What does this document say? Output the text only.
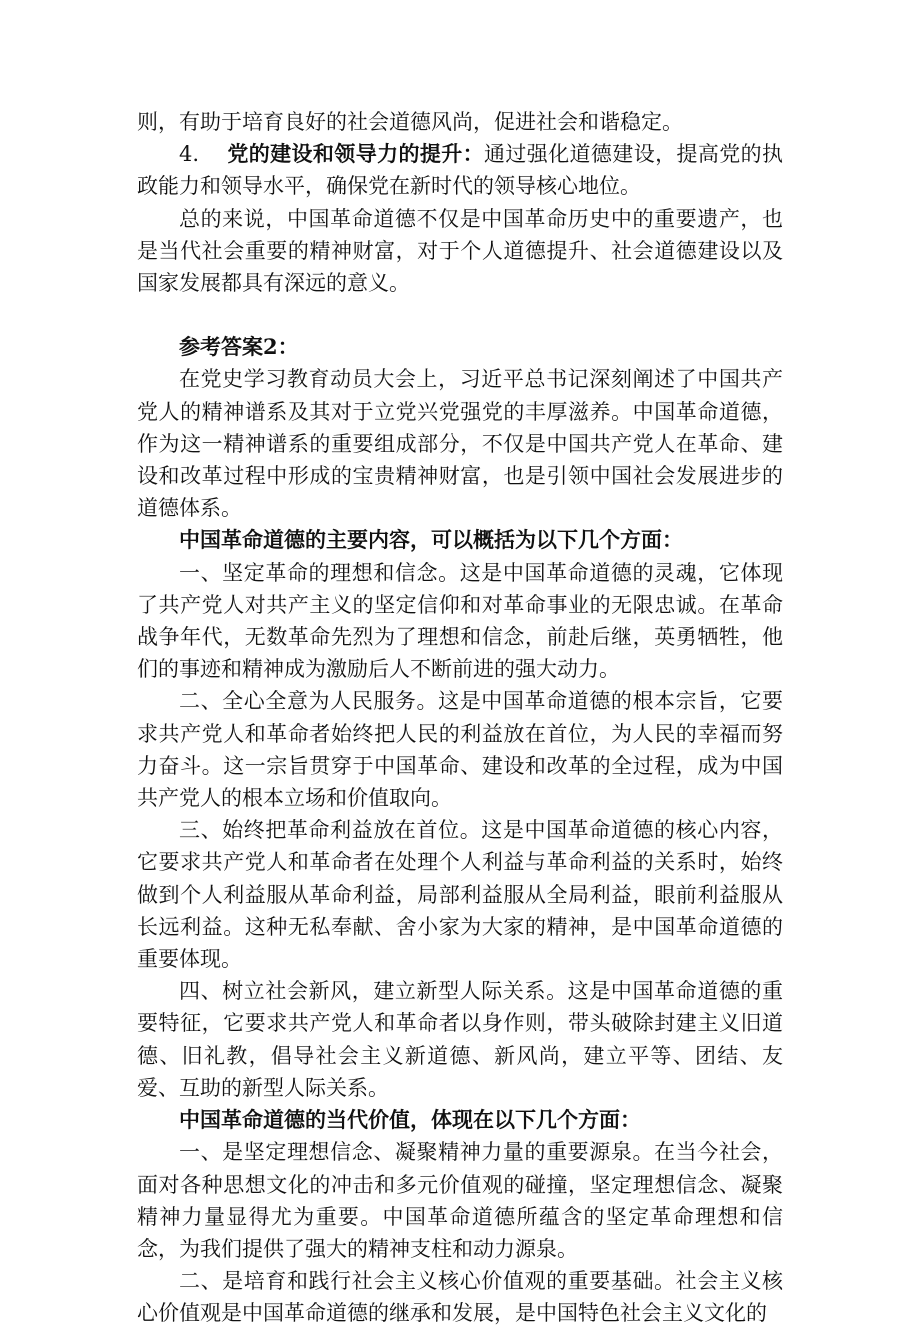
则，有助于培育良好的社会道德风尚，促进社会和谐稳定。

4. 党的建设和领导力的提升：通过强化道德建设，提高党的执政能力和领导水平，确保党在新时代的领导核心地位。

总的来说，中国革命道德不仅是中国革命历史中的重要遗产，也是当代社会重要的精神财富，对于个人道德提升、社会道德建设以及国家发展都具有深远的意义。

参考答案2：

在党史学习教育动员大会上，习近平总书记深刻阐述了中国共产党人的精神谱系及其对于立党兴党强党的丰厚滋养。中国革命道德，作为这一精神谱系的重要组成部分，不仅是中国共产党人在革命、建设和改革过程中形成的宝贵精神财富，也是引领中国社会发展进步的道德体系。

中国革命道德的主要内容，可以概括为以下几个方面：

一、坚定革命的理想和信念。这是中国革命道德的灵魂，它体现了共产党人对共产主义的坚定信仰和对革命事业的无限忠诚。在革命战争年代，无数革命先烈为了理想和信念，前赴后继，英勇牺牲，他们的事迹和精神成为激励后人不断前进的强大动力。

二、全心全意为人民服务。这是中国革命道德的根本宗旨，它要求共产党人和革命者始终把人民的利益放在首位，为人民的幸福而努力奋斗。这一宗旨贯穿于中国革命、建设和改革的全过程，成为中国共产党人的根本立场和价值取向。

三、始终把革命利益放在首位。这是中国革命道德的核心内容，它要求共产党人和革命者在处理个人利益与革命利益的关系时，始终做到个人利益服从革命利益，局部利益服从全局利益，眼前利益服从长远利益。这种无私奉献、舍小家为大家的精神，是中国革命道德的重要体现。

四、树立社会新风，建立新型人际关系。这是中国革命道德的重要特征，它要求共产党人和革命者以身作则，带头破除封建主义旧道德、旧礼教，倡导社会主义新道德、新风尚，建立平等、团结、友爱、互助的新型人际关系。

中国革命道德的当代价值，体现在以下几个方面：

一、是坚定理想信念、凝聚精神力量的重要源泉。在当今社会，面对各种思想文化的冲击和多元价值观的碰撞，坚定理想信念、凝聚精神力量显得尤为重要。中国革命道德所蕴含的坚定革命理想和信念，为我们提供了强大的精神支柱和动力源泉。

二、是培育和践行社会主义核心价值观的重要基础。社会主义核心价值观是中国革命道德的继承和发展，是中国特色社会主义文化的
